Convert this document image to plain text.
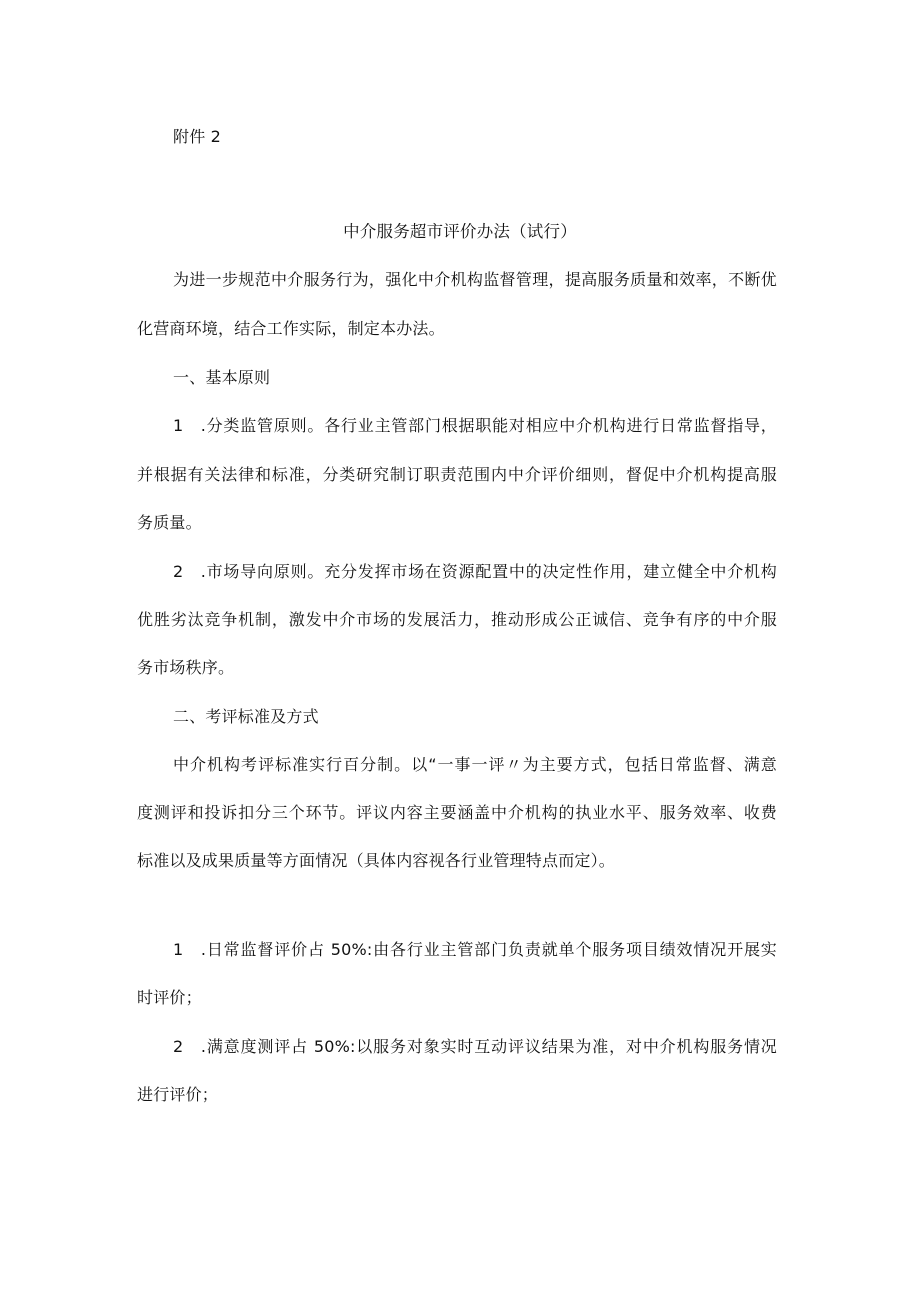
附件 2
中介服务超市评价办法（试行）
为进一步规范中介服务行为，强化中介机构监督管理，提高服务质量和效率，不断优
化营商环境，结合工作实际，制定本办法。
一、基本原则
1　.分类监管原则。各行业主管部门根据职能对相应中介机构进行日常监督指导，
并根据有关法律和标准，分类研究制订职责范围内中介评价细则，督促中介机构提高服
务质量。
2　.市场导向原则。充分发挥市场在资源配置中的决定性作用，建立健全中介机构
优胜劣汰竞争机制，激发中介市场的发展活力，推动形成公正诚信、竞争有序的中介服
务市场秩序。
二、考评标准及方式
中介机构考评标准实行百分制。以“一事一评〃为主要方式，包括日常监督、满意
度测评和投诉扣分三个环节。评议内容主要涵盖中介机构的执业水平、服务效率、收费
标准以及成果质量等方面情况（具体内容视各行业管理特点而定）。
1　.日常监督评价占 50%:由各行业主管部门负责就单个服务项目绩效情况开展实
时评价；
2　.满意度测评占 50%:以服务对象实时互动评议结果为准，对中介机构服务情况
进行评价；
